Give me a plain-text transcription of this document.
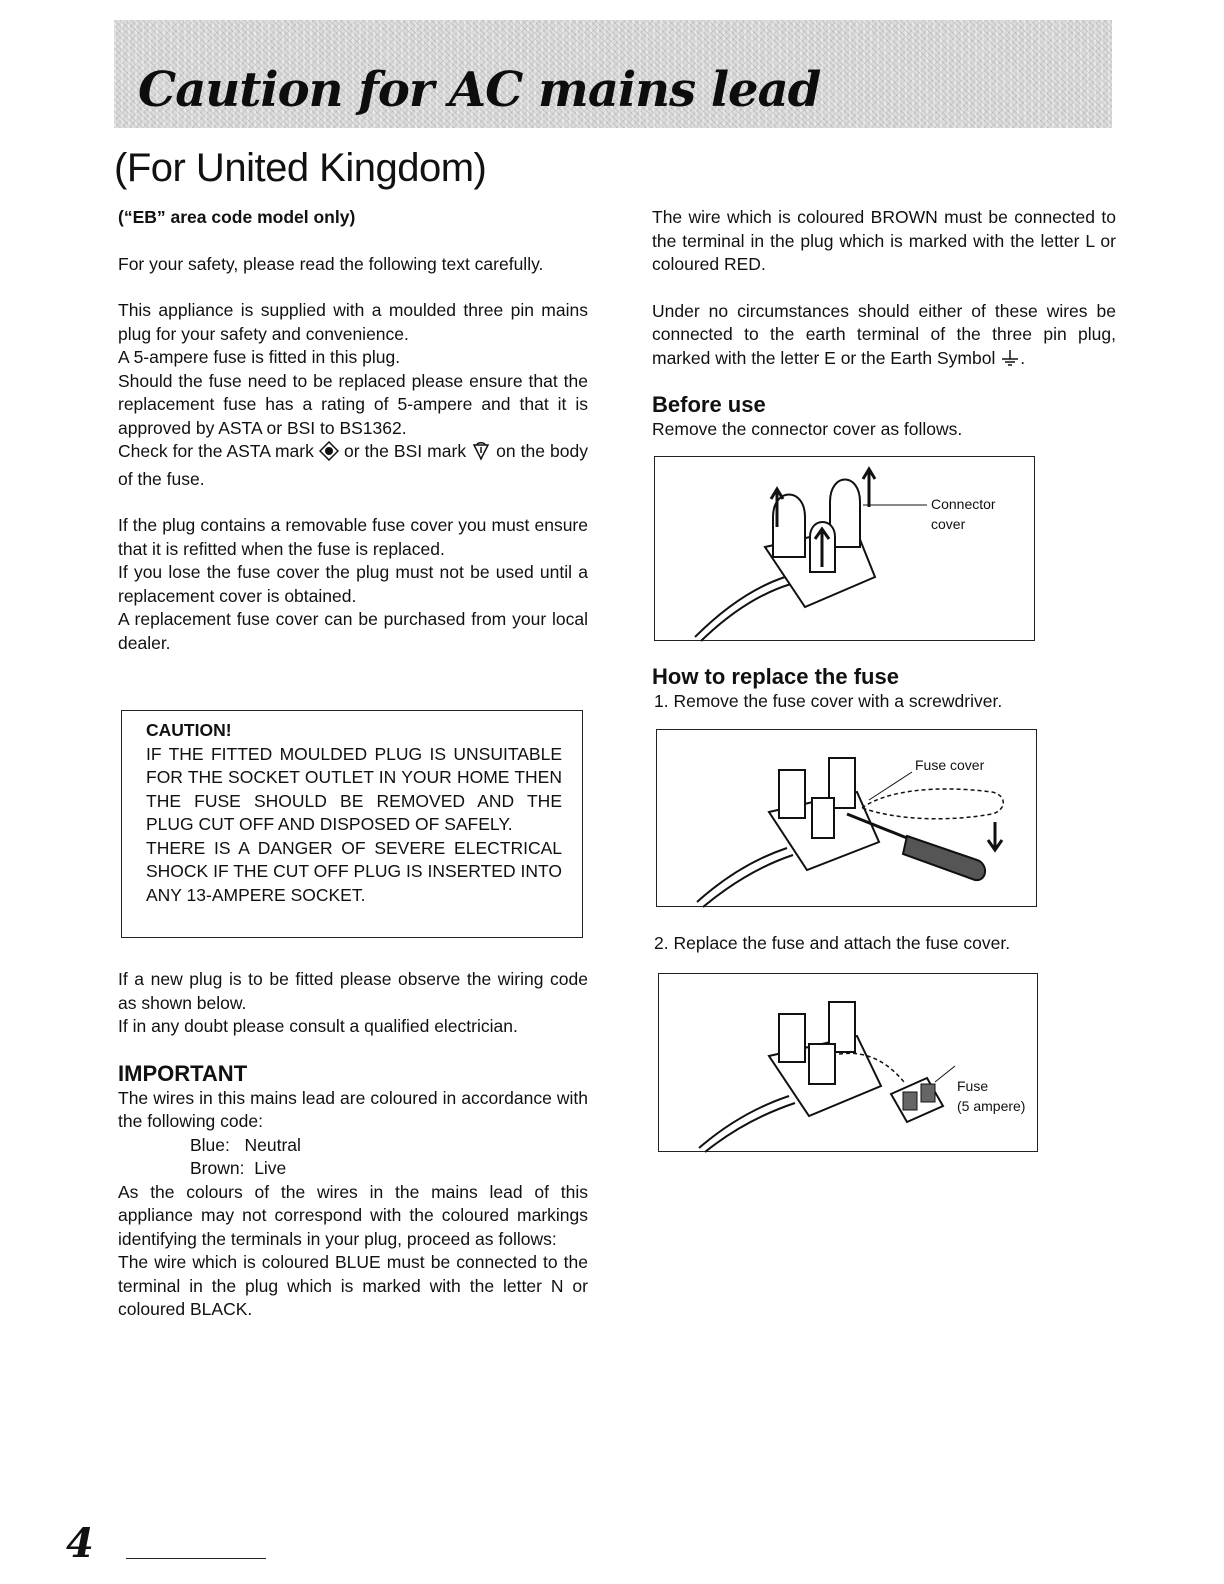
Caution for AC mains lead
(For United Kingdom)

(“EB” area code model only)

For your safety, please read the following text carefully.

This appliance is supplied with a moulded three pin mains plug for your safety and convenience.

A 5-ampere fuse is fitted in this plug.

Should the fuse need to be replaced please ensure that the replacement fuse has a rating of 5-ampere and that it is approved by ASTA or BSI to BS1362.

Check for the ASTA mark or the BSI mark on the body of the fuse.

If the plug contains a removable fuse cover you must ensure that it is refitted when the fuse is replaced.

If you lose the fuse cover the plug must not be used until a replacement cover is obtained.

A replacement fuse cover can be purchased from your local dealer.

CAUTION!

IF THE FITTED MOULDED PLUG IS UNSUITABLE FOR THE SOCKET OUTLET IN YOUR HOME THEN THE FUSE SHOULD BE REMOVED AND THE PLUG CUT OFF AND DISPOSED OF SAFELY.

THERE IS A DANGER OF SEVERE ELECTRICAL SHOCK IF THE CUT OFF PLUG IS INSERTED INTO ANY 13-AMPERE SOCKET.

If a new plug is to be fitted please observe the wiring code as shown below.

If in any doubt please consult a qualified electrician.

IMPORTANT

The wires in this mains lead are coloured in accordance with the following code:

Blue:   Neutral

Brown:  Live

As the colours of the wires in the mains lead of this appliance may not correspond with the coloured markings identifying the terminals in your plug, proceed as follows:

The wire which is coloured BLUE must be connected to the terminal in the plug which is marked with the letter N or coloured BLACK.

The wire which is coloured BROWN must be connected to the terminal in the plug which is marked with the letter L or coloured RED.

Under no circumstances should either of these wires be connected to the earth terminal of the three pin plug, marked with the letter E or the Earth Symbol .

Before use

Remove the connector cover as follows.

Connector
cover

How to replace the fuse

1. Remove the fuse cover with a screwdriver.

Fuse cover

2. Replace the fuse and attach the fuse cover.

Fuse
(5 ampere)

4
